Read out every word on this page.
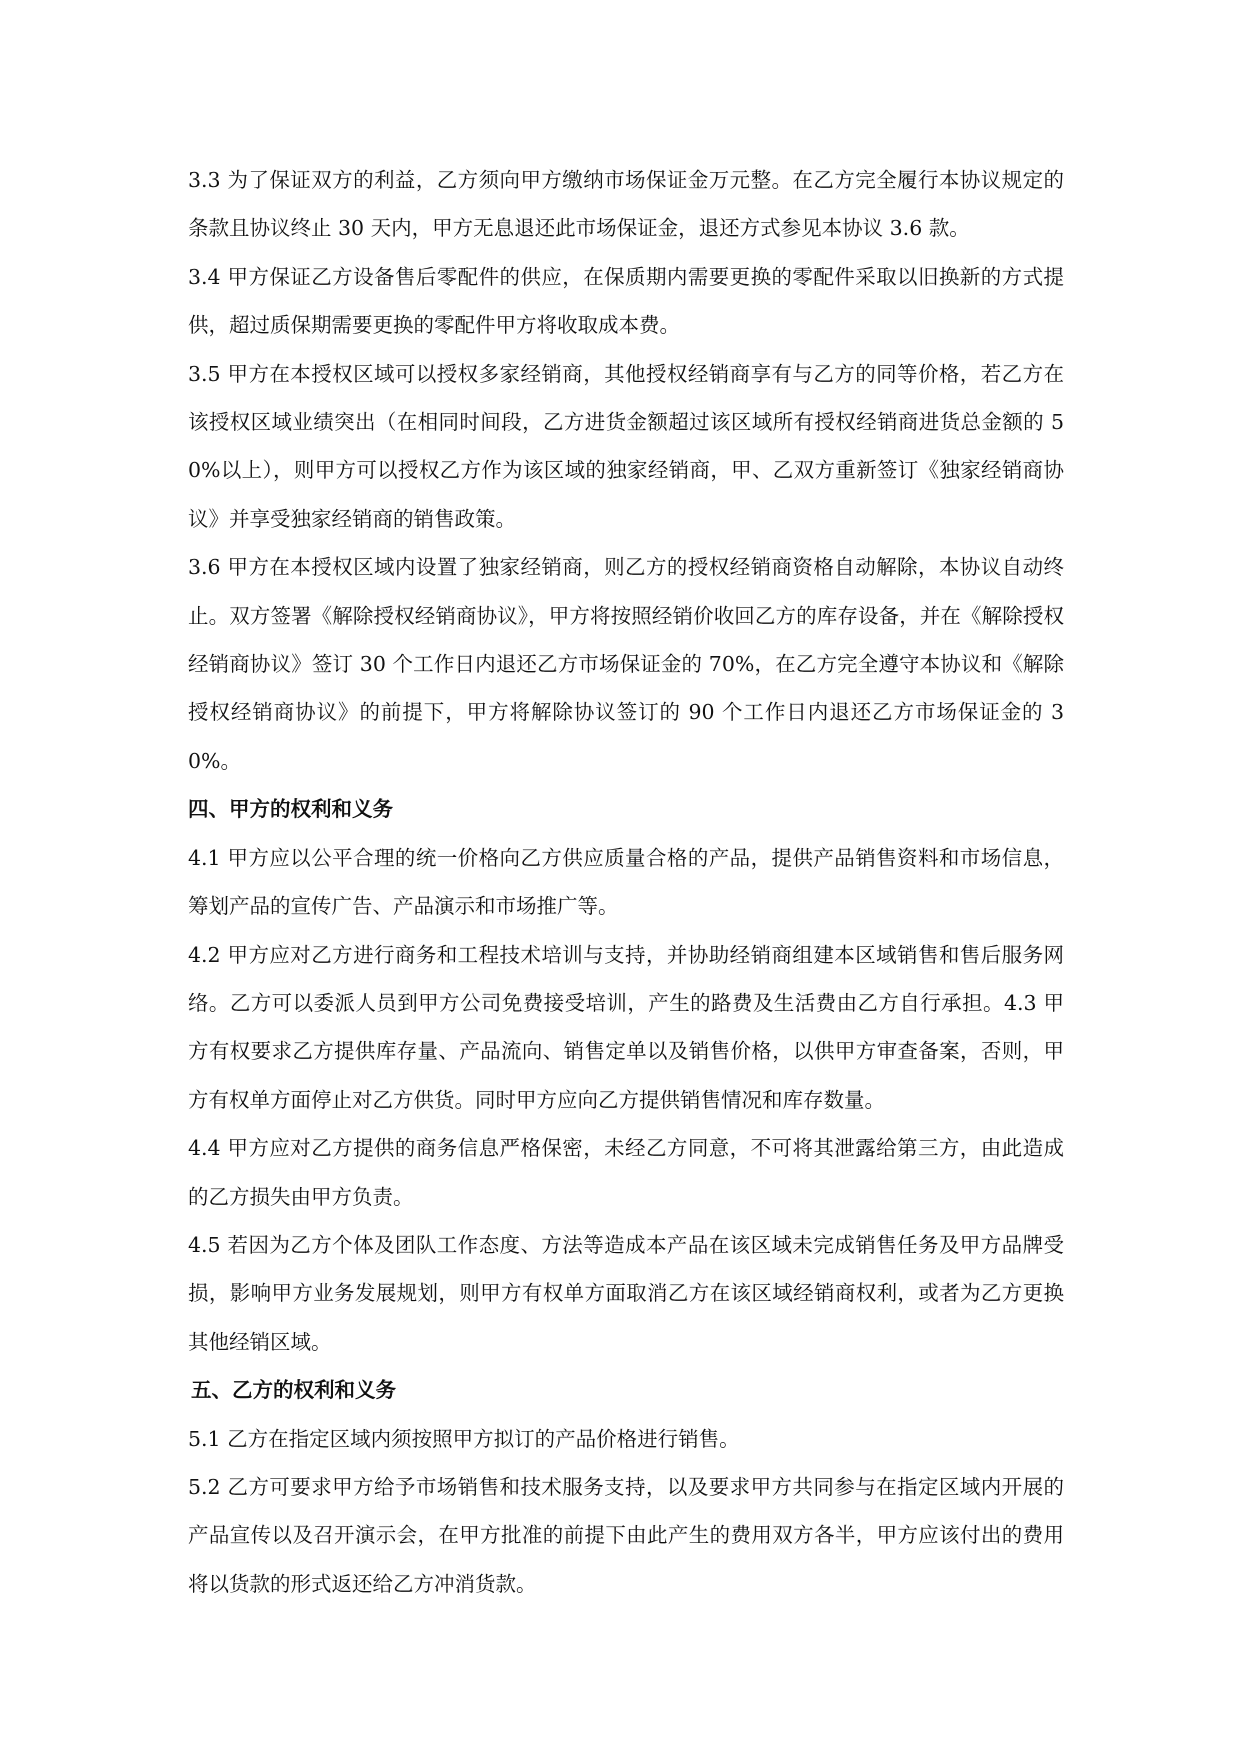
3.3 为了保证双方的利益，乙方须向甲方缴纳市场保证金万元整。在乙方完全履行本协议规定的条款且协议终止 30 天内，甲方无息退还此市场保证金，退还方式参见本协议 3.6 款。

3.4 甲方保证乙方设备售后零配件的供应，在保质期内需要更换的零配件采取以旧换新的方式提供，超过质保期需要更换的零配件甲方将收取成本费。

3.5 甲方在本授权区域可以授权多家经销商，其他授权经销商享有与乙方的同等价格，若乙方在该授权区域业绩突出（在相同时间段，乙方进货金额超过该区域所有授权经销商进货总金额的 50%以上），则甲方可以授权乙方作为该区域的独家经销商，甲、乙双方重新签订《独家经销商协议》并享受独家经销商的销售政策。

3.6 甲方在本授权区域内设置了独家经销商，则乙方的授权经销商资格自动解除，本协议自动终止。双方签署《解除授权经销商协议》，甲方将按照经销价收回乙方的库存设备，并在《解除授权经销商协议》签订 30 个工作日内退还乙方市场保证金的 70%，在乙方完全遵守本协议和《解除授权经销商协议》的前提下，甲方将解除协议签订的 90 个工作日内退还乙方市场保证金的 30%。

四、甲方的权利和义务

4.1 甲方应以公平合理的统一价格向乙方供应质量合格的产品，提供产品销售资料和市场信息，筹划产品的宣传广告、产品演示和市场推广等。

4.2 甲方应对乙方进行商务和工程技术培训与支持，并协助经销商组建本区域销售和售后服务网络。乙方可以委派人员到甲方公司免费接受培训，产生的路费及生活费由乙方自行承担。4.3 甲方有权要求乙方提供库存量、产品流向、销售定单以及销售价格，以供甲方审查备案，否则，甲方有权单方面停止对乙方供货。同时甲方应向乙方提供销售情况和库存数量。

4.4 甲方应对乙方提供的商务信息严格保密，未经乙方同意，不可将其泄露给第三方，由此造成的乙方损失由甲方负责。

4.5 若因为乙方个体及团队工作态度、方法等造成本产品在该区域未完成销售任务及甲方品牌受损，影响甲方业务发展规划，则甲方有权单方面取消乙方在该区域经销商权利，或者为乙方更换其他经销区域。

五、乙方的权利和义务

5.1 乙方在指定区域内须按照甲方拟订的产品价格进行销售。

5.2 乙方可要求甲方给予市场销售和技术服务支持，以及要求甲方共同参与在指定区域内开展的产品宣传以及召开演示会，在甲方批准的前提下由此产生的费用双方各半，甲方应该付出的费用将以货款的形式返还给乙方冲消货款。
